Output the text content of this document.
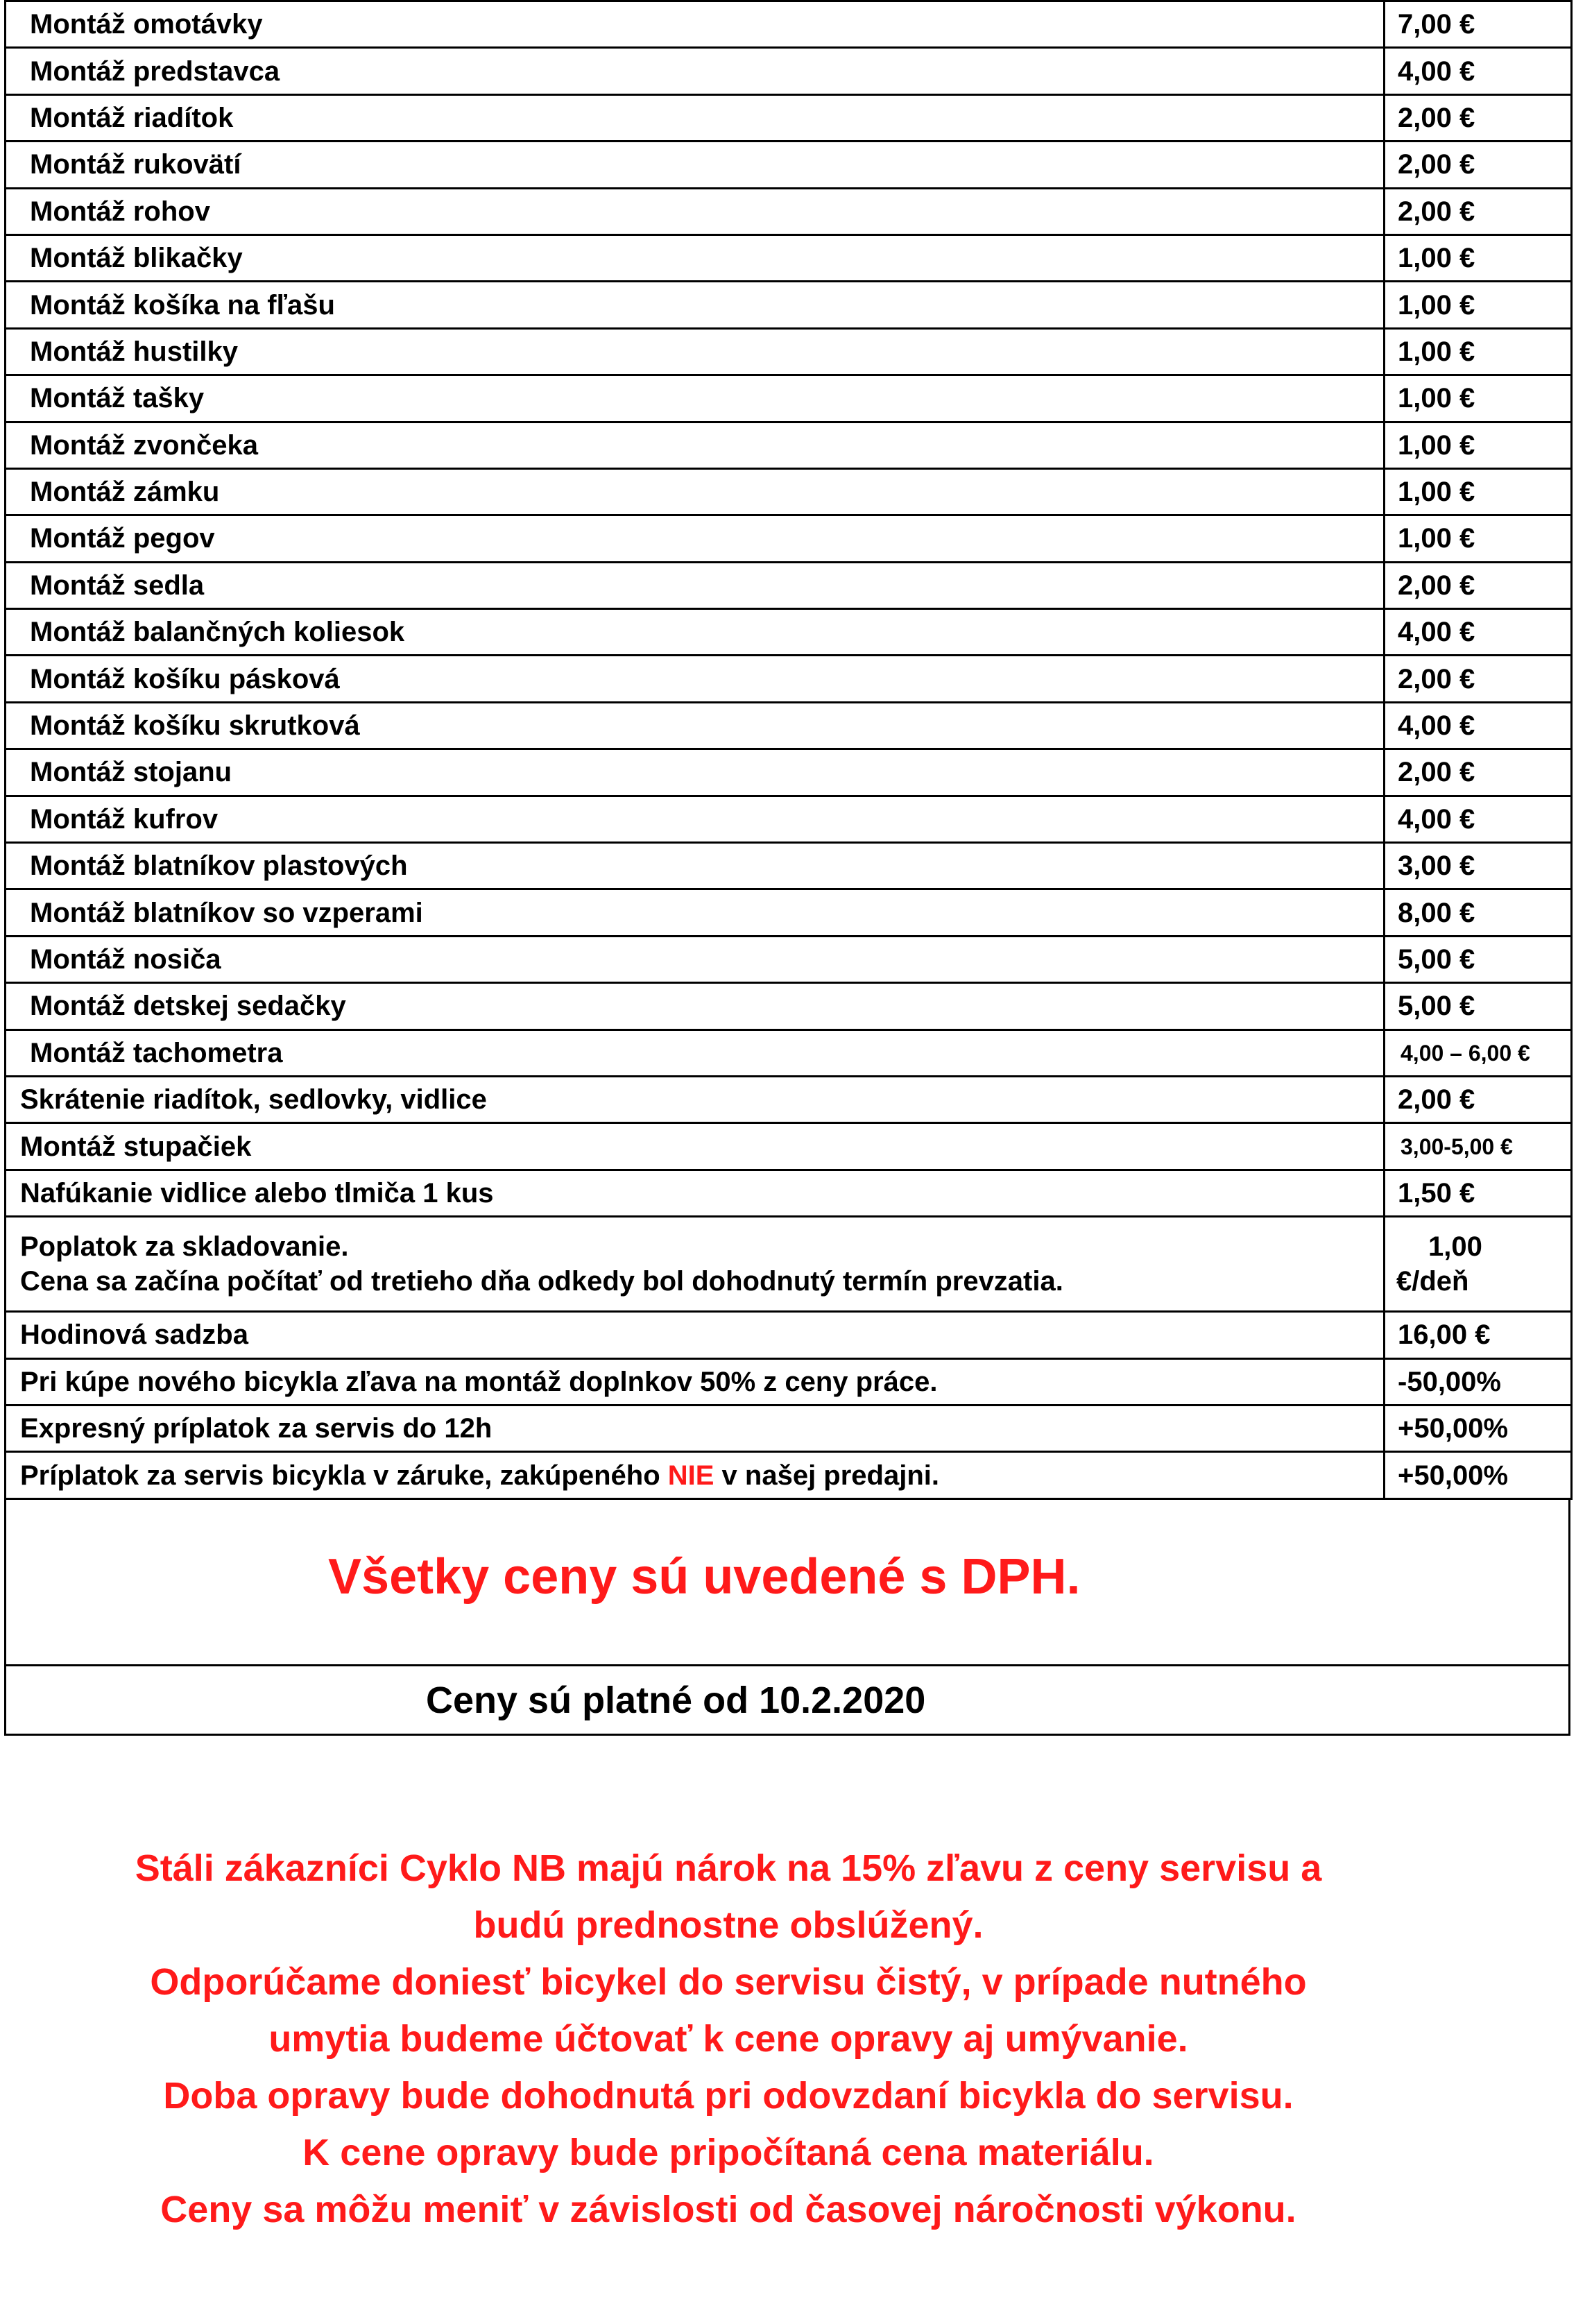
Montáž omotávky	7,00 €
Montáž predstavca	4,00 €
Montáž riadítok	2,00 €
Montáž rukovätí	2,00 €
Montáž rohov	2,00 €
Montáž blikačky	1,00 €
Montáž košíka na fľašu	1,00 €
Montáž hustilky	1,00 €
Montáž tašky	1,00 €
Montáž zvončeka	1,00 €
Montáž zámku	1,00 €
Montáž pegov	1,00 €
Montáž sedla	2,00 €
Montáž balančných koliesok	4,00 €
Montáž košíku pásková	2,00 €
Montáž košíku skrutková	4,00 €
Montáž stojanu	2,00 €
Montáž kufrov	4,00 €
Montáž blatníkov plastových	3,00 €
Montáž blatníkov so vzperami	8,00 €
Montáž nosiča	5,00 €
Montáž detskej sedačky	5,00 €
Montáž tachometra	4,00 – 6,00 €
Skrátenie riadítok, sedlovky, vidlice	2,00 €
Montáž stupačiek	3,00-5,00 €
Nafúkanie vidlice alebo tlmiča 1 kus	1,50 €

Poplatok za skladovanie.
Cena sa začína počítať od tretieho dňa odkedy bol dohodnutý termín prevzatia.	1,00
€/deň

Hodinová sadzba	16,00 €
Pri kúpe nového bicykla zľava na montáž doplnkov 50% z ceny práce.	-50,00%
Expresný príplatok za servis do 12h	+50,00%
Príplatok za servis bicykla v záruke, zakúpeného NIE v našej predajni.	+50,00%
Všetky ceny sú uvedené s DPH.
Ceny sú platné od 10.2.2020
Stáli zákazníci Cyklo NB majú nárok na 15% zľavu z ceny servisu a
budú prednostne obslúžený.
Odporúčame doniesť bicykel do servisu čistý, v prípade nutného
umytia budeme účtovať k cene opravy aj umývanie.
Doba opravy bude dohodnutá pri odovzdaní bicykla do servisu.
K cene opravy bude pripočítaná cena materiálu.
Ceny sa môžu meniť v závislosti od časovej náročnosti výkonu.
